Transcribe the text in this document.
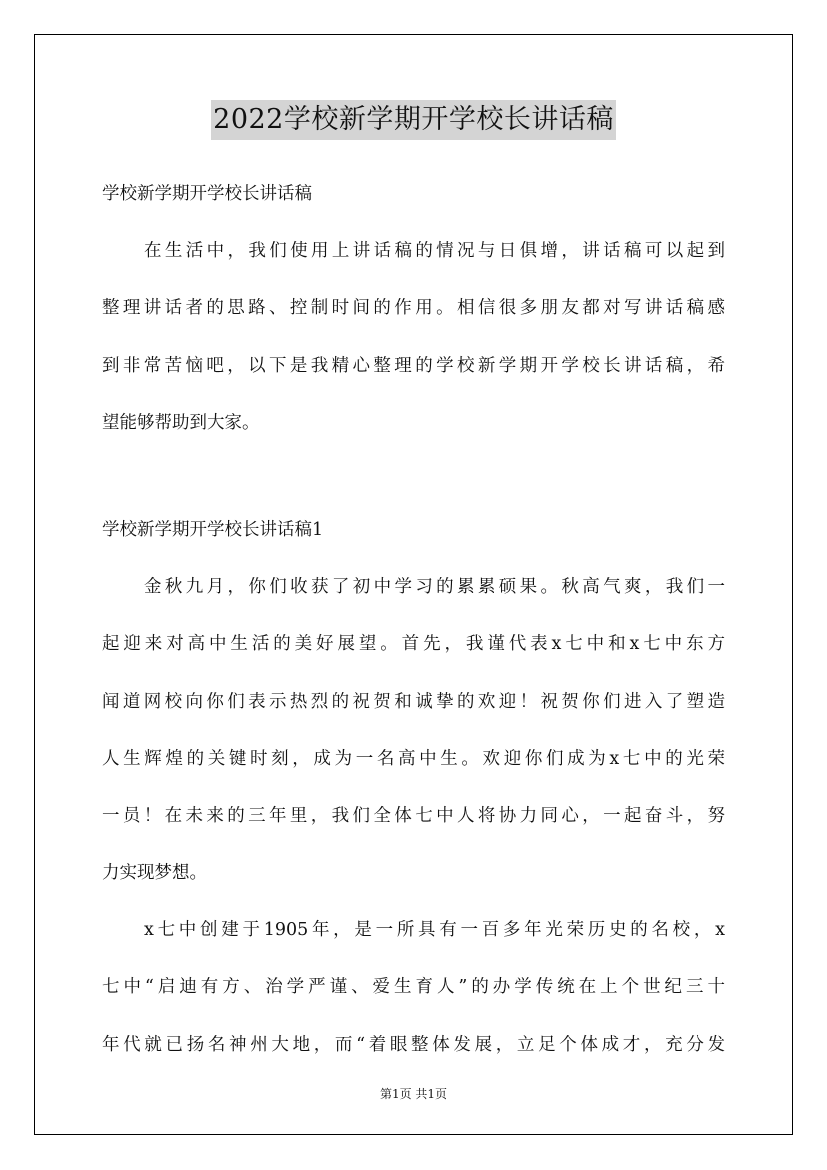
2022学校新学期开学校长讲话稿

学校新学期开学校长讲话稿

在生活中，我们使用上讲话稿的情况与日俱增，讲话稿可以起到

整理讲话者的思路、控制时间的作用。相信很多朋友都对写讲话稿感

到非常苦恼吧，以下是我精心整理的学校新学期开学校长讲话稿，希

望能够帮助到大家。

学校新学期开学校长讲话稿1

金秋九月，你们收获了初中学习的累累硕果。秋高气爽，我们一

起迎来对高中生活的美好展望。首先，我谨代表x七中和x七中东方

闻道网校向你们表示热烈的祝贺和诚挚的欢迎！祝贺你们进入了塑造

人生辉煌的关键时刻，成为一名高中生。欢迎你们成为x七中的光荣

一员！在未来的三年里，我们全体七中人将协力同心，一起奋斗，努

力实现梦想。

x七中创建于1905年，是一所具有一百多年光荣历史的名校，x

七中“启迪有方、治学严谨、爱生育人”的办学传统在上个世纪三十

年代就已扬名神州大地，而“着眼整体发展，立足个体成才，充分发

第1页 共1页
